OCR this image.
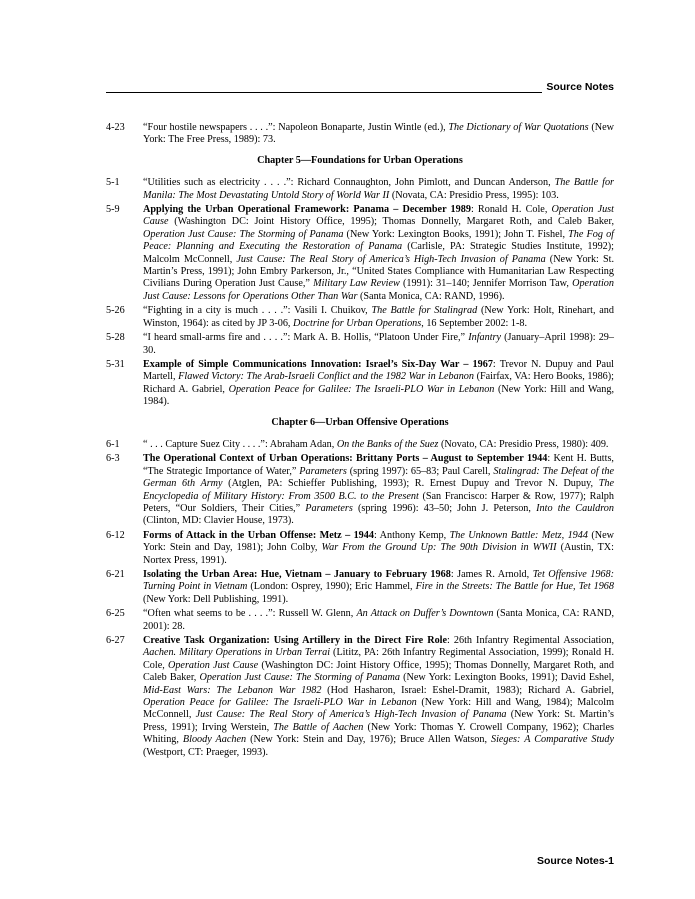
Source Notes
4-23	“Four hostile newspapers . . . .”: Napoleon Bonaparte, Justin Wintle (ed.), The Dictionary of War Quotations (New York: The Free Press, 1989): 73.
Chapter 5—Foundations for Urban Operations
5-1	“Utilities such as electricity . . . .”: Richard Connaughton, John Pimlott, and Duncan Anderson, The Battle for Manila: The Most Devastating Untold Story of World War II (Novata, CA: Presidio Press, 1995): 103.
5-9	Applying the Urban Operational Framework: Panama – December 1989: Ronald H. Cole, Operation Just Cause (Washington DC: Joint History Office, 1995); Thomas Donnelly, Margaret Roth, and Caleb Baker, Operation Just Cause: The Storming of Panama (New York: Lexington Books, 1991); John T. Fishel, The Fog of Peace: Planning and Executing the Restoration of Panama (Carlisle, PA: Strategic Studies Institute, 1992); Malcolm McConnell, Just Cause: The Real Story of America’s High-Tech Invasion of Panama (New York: St. Martin’s Press, 1991); John Embry Parkerson, Jr., “United States Compliance with Humanitarian Law Respecting Civilians During Operation Just Cause,” Military Law Review (1991): 31–140; Jennifer Morrison Taw, Operation Just Cause: Lessons for Operations Other Than War (Santa Monica, CA: RAND, 1996).
5-26	“Fighting in a city is much . . . .”: Vasili I. Chuikov, The Battle for Stalingrad (New York: Holt, Rinehart, and Winston, 1964): as cited by JP 3-06, Doctrine for Urban Operations, 16 September 2002: 1-8.
5-28	“I heard small-arms fire and . . . .”: Mark A. B. Hollis, “Platoon Under Fire,” Infantry (January–April 1998): 29–30.
5-31	Example of Simple Communications Innovation: Israel’s Six-Day War – 1967: Trevor N. Dupuy and Paul Martell, Flawed Victory: The Arab-Israeli Conflict and the 1982 War in Lebanon (Fairfax, VA: Hero Books, 1986); Richard A. Gabriel, Operation Peace for Galilee: The Israeli-PLO War in Lebanon (New York: Hill and Wang, 1984).
Chapter 6—Urban Offensive Operations
6-1	“ . . . Capture Suez City . . . .”: Abraham Adan, On the Banks of the Suez (Novato, CA: Presidio Press, 1980): 409.
6-3	The Operational Context of Urban Operations: Brittany Ports – August to September 1944: Kent H. Butts, “The Strategic Importance of Water,” Parameters (spring 1997): 65–83; Paul Carell, Stalingrad: The Defeat of the German 6th Army (Atglen, PA: Schieffer Publishing, 1993); R. Ernest Dupuy and Trevor N. Dupuy, The Encyclopedia of Military History: From 3500 B.C. to the Present (San Francisco: Harper & Row, 1977); Ralph Peters, “Our Soldiers, Their Cities,” Parameters (spring 1996): 43–50; John J. Peterson, Into the Cauldron (Clinton, MD: Clavier House, 1973).
6-12	Forms of Attack in the Urban Offense: Metz – 1944: Anthony Kemp, The Unknown Battle: Metz, 1944 (New York: Stein and Day, 1981); John Colby, War From the Ground Up: The 90th Division in WWII (Austin, TX: Nortex Press, 1991).
6-21	Isolating the Urban Area: Hue, Vietnam – January to February 1968: James R. Arnold, Tet Offensive 1968: Turning Point in Vietnam (London: Osprey, 1990); Eric Hammel, Fire in the Streets: The Battle for Hue, Tet 1968 (New York: Dell Publishing, 1991).
6-25	“Often what seems to be . . . .”: Russell W. Glenn, An Attack on Duffer’s Downtown (Santa Monica, CA: RAND, 2001): 28.
6-27	Creative Task Organization: Using Artillery in the Direct Fire Role: 26th Infantry Regimental Association, Aachen. Military Operations in Urban Terrai (Lititz, PA: 26th Infantry Regimental Association, 1999); Ronald H. Cole, Operation Just Cause (Washington DC: Joint History Office, 1995); Thomas Donnelly, Margaret Roth, and Caleb Baker, Operation Just Cause: The Storming of Panama (New York: Lexington Books, 1991); David Eshel, Mid-East Wars: The Lebanon War 1982 (Hod Hasharon, Israel: Eshel-Dramit, 1983); Richard A. Gabriel, Operation Peace for Galilee: The Israeli-PLO War in Lebanon (New York: Hill and Wang, 1984); Malcolm McConnell, Just Cause: The Real Story of America’s High-Tech Invasion of Panama (New York: St. Martin’s Press, 1991); Irving Werstein, The Battle of Aachen (New York: Thomas Y. Crowell Company, 1962); Charles Whiting, Bloody Aachen (New York: Stein and Day, 1976); Bruce Allen Watson, Sieges: A Comparative Study (Westport, CT: Praeger, 1993).
Source Notes-1
